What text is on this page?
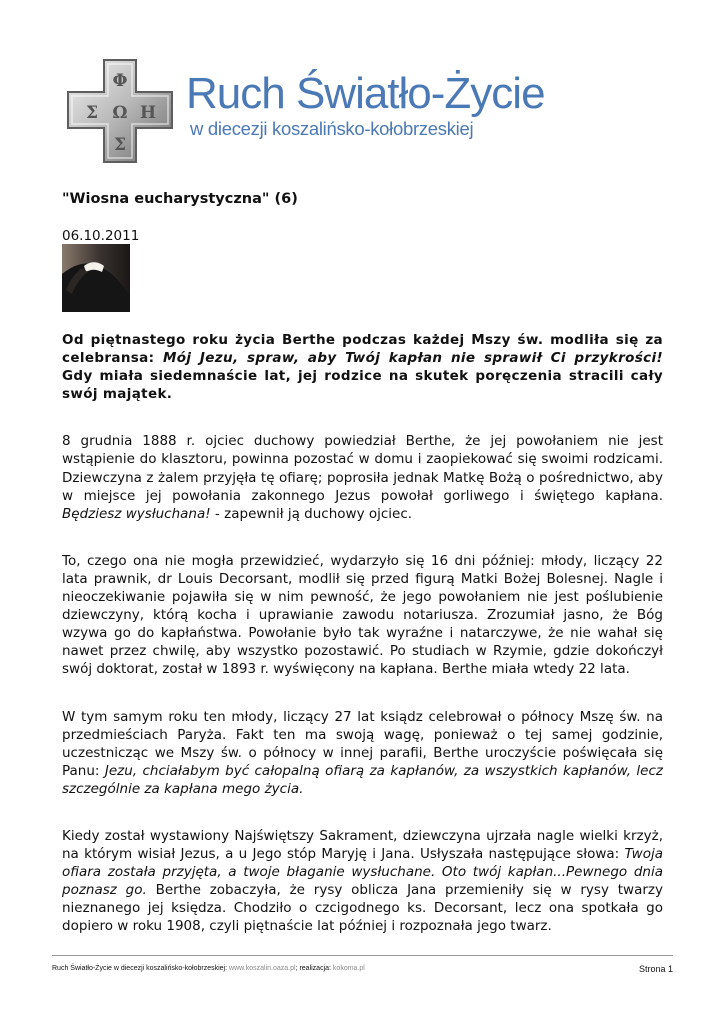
Φ
Σ Ω Η
Σ
Ruch Światło-Życie
w diecezji koszalińsko-kołobrzeskiej
"Wiosna eucharystyczna" (6)
06.10.2011

Od piętnastego roku życia Berthe podczas każdej Mszy św. modliła się za celebransa: Mój Jezu, spraw, aby Twój kapłan nie sprawił Ci przykrości! Gdy miała siedemnaście lat, jej rodzice na skutek poręczenia stracili cały swój majątek.

8 grudnia 1888 r. ojciec duchowy powiedział Berthe, że jej powołaniem nie jest wstąpienie do klasztoru, powinna pozostać w domu i zaopiekować się swoimi rodzicami. Dziewczyna z żalem przyjęła tę ofiarę; poprosiła jednak Matkę Bożą o pośrednictwo, aby w miejsce jej powołania zakonnego Jezus powołał gorliwego i świętego kapłana. Będziesz wysłuchana! - zapewnił ją duchowy ojciec.

To, czego ona nie mogła przewidzieć, wydarzyło się 16 dni później: młody, liczący 22 lata prawnik, dr Louis Decorsant, modlił się przed figurą Matki Bożej Bolesnej. Nagle i nieoczekiwanie pojawiła się w nim pewność, że jego powołaniem nie jest poślubienie dziewczyny, którą kocha i uprawianie zawodu notariusza. Zrozumiał jasno, że Bóg wzywa go do kapłaństwa. Powołanie było tak wyraźne i natarczywe, że nie wahał się nawet przez chwilę, aby wszystko pozostawić. Po studiach w Rzymie, gdzie dokończył swój doktorat, został w 1893 r. wyświęcony na kapłana. Berthe miała wtedy 22 lata.

W tym samym roku ten młody, liczący 27 lat ksiądz celebrował o północy Mszę św. na przedmieściach Paryża. Fakt ten ma swoją wagę, ponieważ o tej samej godzinie, uczestnicząc we Mszy św. o północy w innej parafii, Berthe uroczyście poświęcała się Panu: Jezu, chciałabym być całopalną ofiarą za kapłanów, za wszystkich kapłanów, lecz szczególnie za kapłana mego życia.

Kiedy został wystawiony Najświętszy Sakrament, dziewczyna ujrzała nagle wielki krzyż, na którym wisiał Jezus, a u Jego stóp Maryję i Jana. Usłyszała następujące słowa: Twoja ofiara została przyjęta, a twoje błaganie wysłuchane. Oto twój kapłan...Pewnego dnia poznasz go. Berthe zobaczyła, że rysy oblicza Jana przemieniły się w rysy twarzy nieznanego jej księdza. Chodziło o czcigodnego ks. Decorsant, lecz ona spotkała go dopiero w roku 1908, czyli piętnaście lat później i rozpoznała jego twarz.

Ruch Światło-Życie w diecezji koszalińsko-kołobrzeskiej: www.koszalin.oaza.pl; realizacja: kokoma.pl	Strona 1
